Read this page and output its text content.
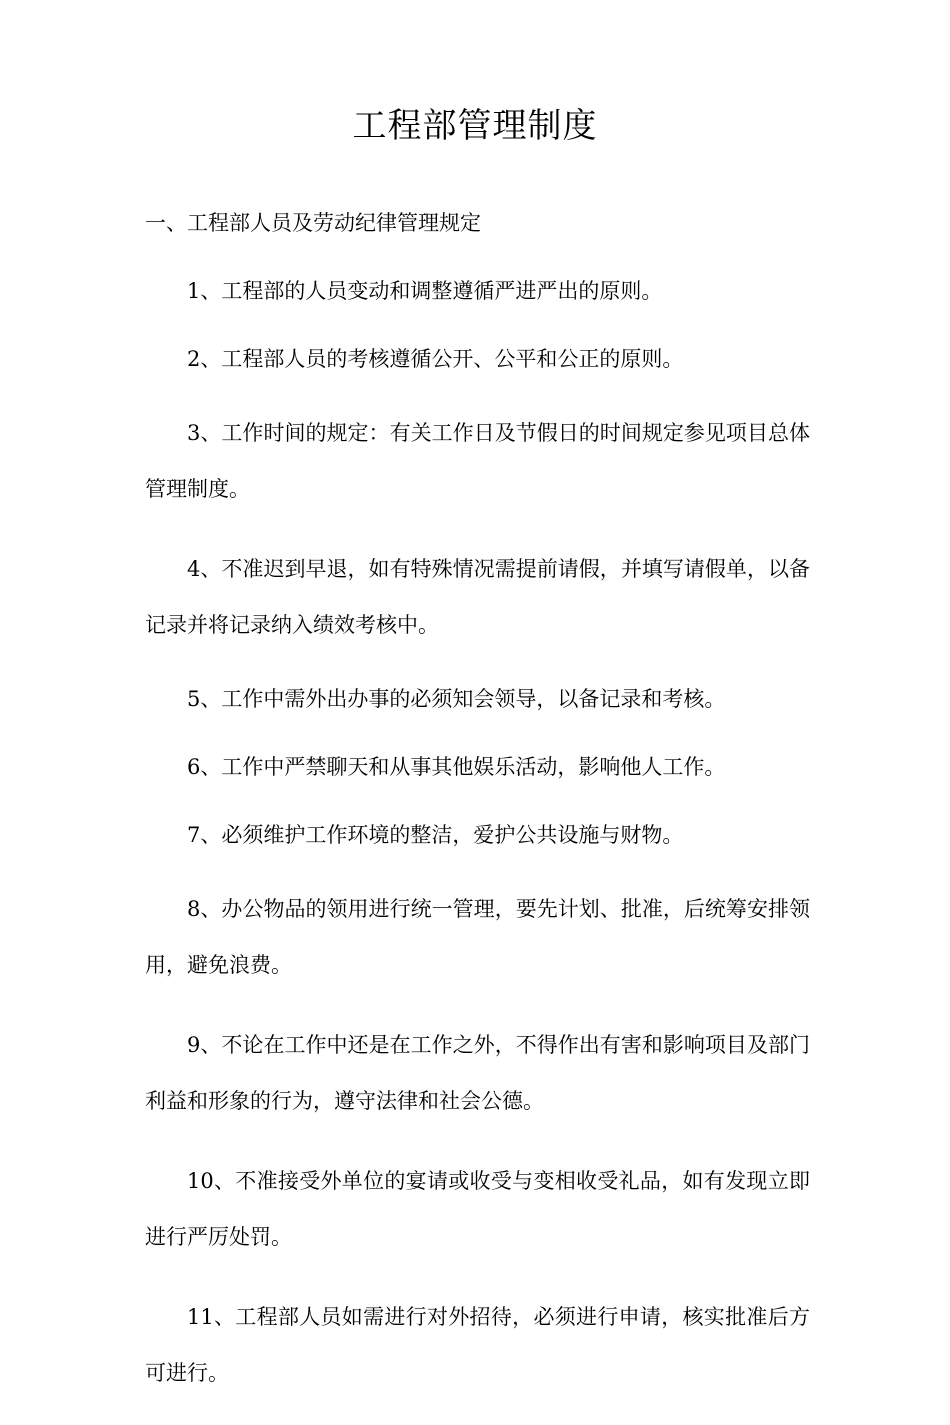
工程部管理制度

一、工程部人员及劳动纪律管理规定

1、工程部的人员变动和调整遵循严进严出的原则。

2、工程部人员的考核遵循公开、公平和公正的原则。

3、工作时间的规定：有关工作日及节假日的时间规定参见项目总体管理制度。

4、不准迟到早退，如有特殊情况需提前请假，并填写请假单，以备记录并将记录纳入绩效考核中。

5、工作中需外出办事的必须知会领导，以备记录和考核。

6、工作中严禁聊天和从事其他娱乐活动，影响他人工作。

7、必须维护工作环境的整洁，爱护公共设施与财物。

8、办公物品的领用进行统一管理，要先计划、批准，后统筹安排领用，避免浪费。

9、不论在工作中还是在工作之外，不得作出有害和影响项目及部门利益和形象的行为，遵守法律和社会公德。

10、不准接受外单位的宴请或收受与变相收受礼品，如有发现立即进行严厉处罚。

11、工程部人员如需进行对外招待，必须进行申请，核实批准后方可进行。
